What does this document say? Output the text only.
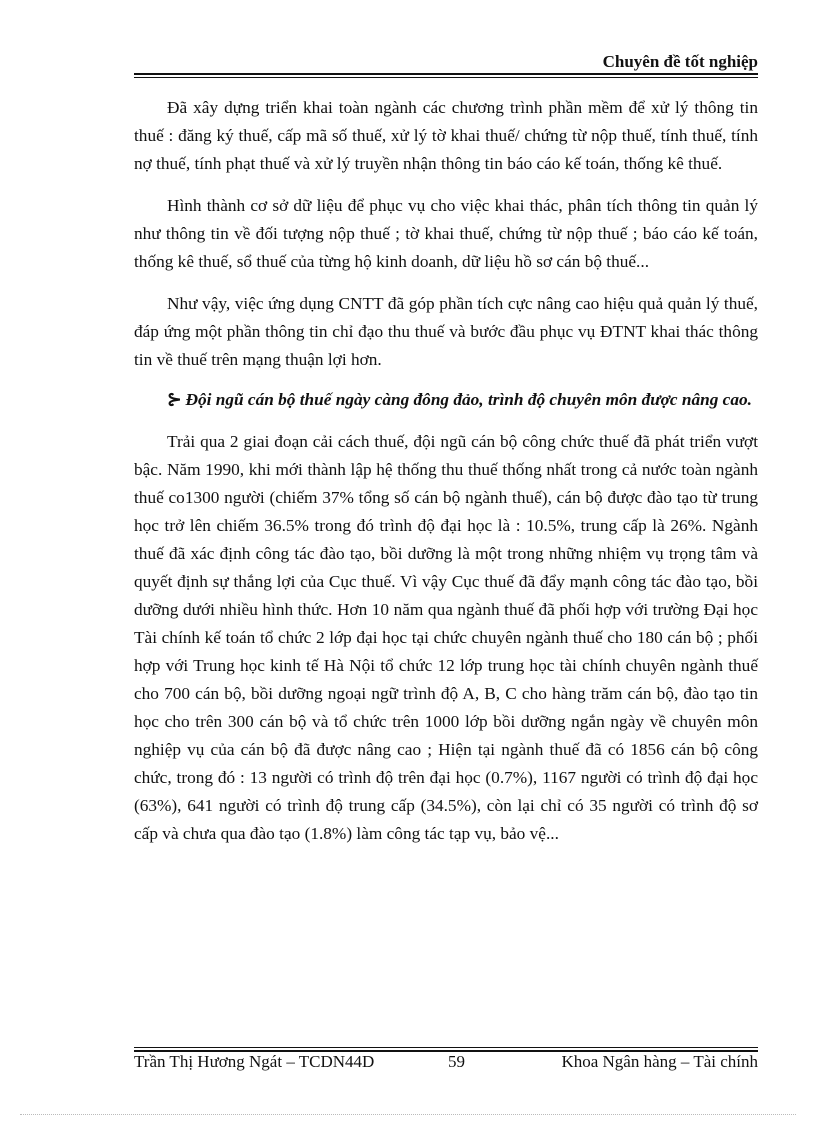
Chuyên đề tốt nghiệp

Đã xây dựng triển khai toàn ngành các chương trình phần mềm để xử lý thông tin thuế : đăng ký thuế, cấp mã số thuế, xử lý tờ khai thuế/ chứng từ nộp thuế, tính thuế, tính nợ thuế, tính phạt thuế và xử lý truyền nhận thông tin báo cáo kế toán, thống kê thuế.

Hình thành cơ sở dữ liệu để phục vụ cho việc khai thác, phân tích thông tin quản lý như thông tin về đối tượng nộp thuế ; tờ khai thuế, chứng từ nộp thuế ; báo cáo kế toán, thống kê thuế, sổ thuế của từng hộ kinh doanh, dữ liệu hồ sơ cán bộ thuế...

Như vậy, việc ứng dụng CNTT đã góp phần tích cực nâng cao hiệu quả quản lý thuế, đáp ứng một phần thông tin chỉ đạo thu thuế và bước đầu phục vụ ĐTNT khai thác thông tin về thuế trên mạng thuận lợi hơn.

⊱ Đội ngũ cán bộ thuế ngày càng đông đảo, trình độ chuyên môn được nâng cao.

Trải qua 2 giai đoạn cải cách thuế, đội ngũ cán bộ công chức thuế đã phát triển vượt bậc. Năm 1990, khi mới thành lập hệ thống thu thuế thống nhất trong cả nước toàn ngành thuế co1300 người (chiếm 37% tổng số cán bộ ngành thuế), cán bộ được đào tạo từ trung học trở lên chiếm 36.5% trong đó trình độ đại học là : 10.5%, trung cấp là 26%. Ngành thuế đã xác định công tác đào tạo, bồi dưỡng là một trong những nhiệm vụ trọng tâm và quyết định sự thắng lợi của Cục thuế. Vì vậy Cục thuế đã đẩy mạnh công tác đào tạo, bồi dưỡng dưới nhiều hình thức. Hơn 10 năm qua ngành thuế đã phối hợp với trường Đại học Tài chính kế toán tổ chức 2 lớp đại học tại chức chuyên ngành thuế cho 180 cán bộ ; phối hợp với Trung học kinh tế Hà Nội tổ chức 12 lớp trung học tài chính chuyên ngành thuế cho 700 cán bộ, bồi dưỡng ngoại ngữ trình độ A, B, C cho hàng trăm cán bộ, đào tạo tin học cho trên 300 cán bộ và tổ chức trên 1000 lớp bồi dưỡng ngắn ngày về chuyên môn nghiệp vụ của cán bộ đã được nâng cao ; Hiện tại ngành thuế đã có 1856 cán bộ công chức, trong đó : 13 người có trình độ trên đại học (0.7%), 1167 người có trình độ đại học (63%), 641 người có trình độ trung cấp (34.5%), còn lại chỉ có 35 người có trình độ sơ cấp và chưa qua đào tạo (1.8%) làm công tác tạp vụ, bảo vệ...

Trần Thị Hương Ngát – TCDN44D	59	Khoa Ngân hàng – Tài chính
